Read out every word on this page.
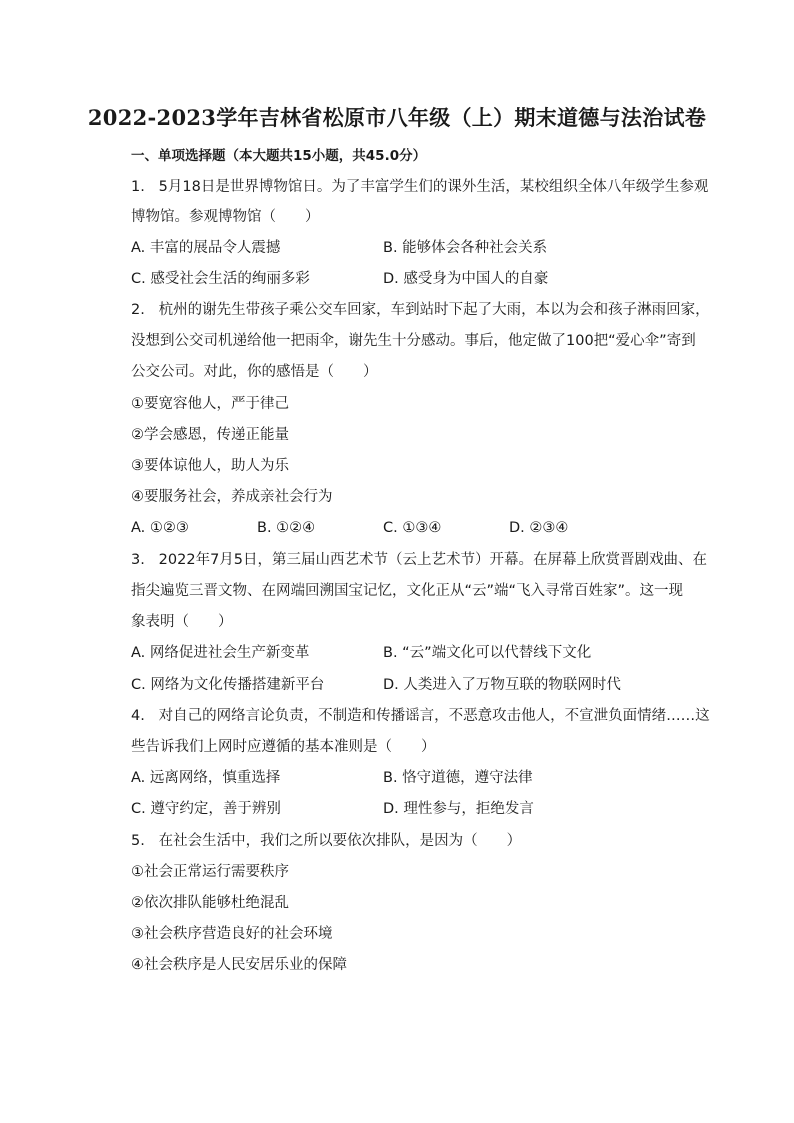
2022-2023学年吉林省松原市八年级（上）期末道德与法治试卷
一、单项选择题（本大题共15小题，共45.0分）
1.   5月18日是世界博物馆日。为了丰富学生们的课外生活，某校组织全体八年级学生参观
博物馆。参观博物馆（　　）
A. 丰富的展品令人震撼	B. 能够体会各种社会关系
C. 感受社会生活的绚丽多彩	D. 感受身为中国人的自豪
2.   杭州的谢先生带孩子乘公交车回家，车到站时下起了大雨，本以为会和孩子淋雨回家，
没想到公交司机递给他一把雨伞，谢先生十分感动。事后，他定做了100把“爱心伞”寄到
公交公司。对此，你的感悟是（　　）
①要宽容他人，严于律己
②学会感恩，传递正能量
③要体谅他人，助人为乐
④要服务社会，养成亲社会行为
A. ①②③	B. ①②④	C. ①③④	D. ②③④
3.   2022年7月5日，第三届山西艺术节（云上艺术节）开幕。在屏幕上欣赏晋剧戏曲、在
指尖遍览三晋文物、在网端回溯国宝记忆，文化正从“云”端“飞入寻常百姓家”。这一现
象表明（　　）
A. 网络促进社会生产新变革	B. “云”端文化可以代替线下文化
C. 网络为文化传播搭建新平台	D. 人类进入了万物互联的物联网时代
4.   对自己的网络言论负责，不制造和传播谣言，不恶意攻击他人，不宣泄负面情绪……这
些告诉我们上网时应遵循的基本准则是（　　）
A. 远离网络，慎重选择	B. 恪守道德，遵守法律
C. 遵守约定，善于辨别	D. 理性参与，拒绝发言
5.   在社会生活中，我们之所以要依次排队，是因为（　　）
①社会正常运行需要秩序
②依次排队能够杜绝混乱
③社会秩序营造良好的社会环境
④社会秩序是人民安居乐业的保障
